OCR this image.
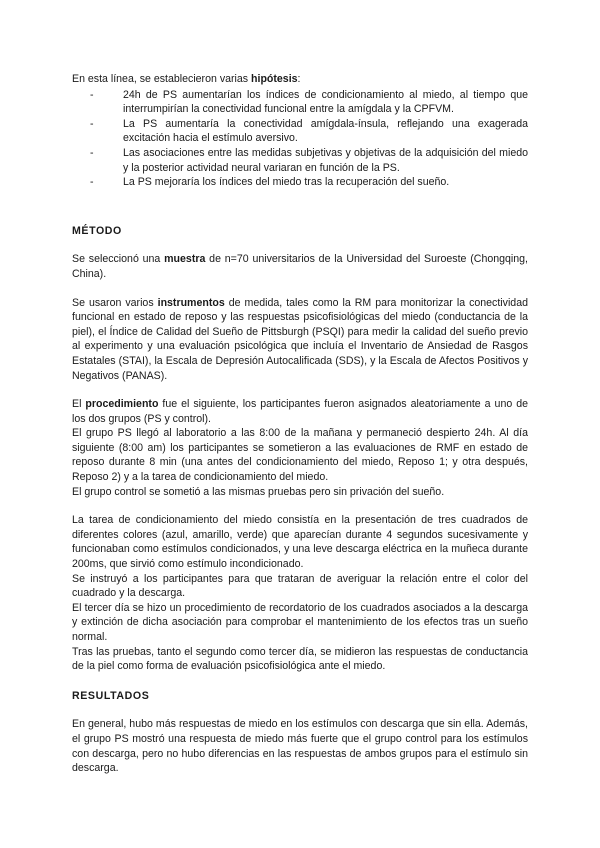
En esta línea, se establecieron varias hipótesis:

-	24h de PS aumentarían los índices de condicionamiento al miedo, al tiempo que interrumpirían la conectividad funcional entre la amígdala y la CPFVM.
-	La PS aumentaría la conectividad amígdala-ínsula, reflejando una exagerada excitación hacia el estímulo aversivo.
-	Las asociaciones entre las medidas subjetivas y objetivas de la adquisición del miedo y la posterior actividad neural variaran en función de la PS.
-	La PS mejoraría los índices del miedo tras la recuperación del sueño.
MÉTODO

Se seleccionó una muestra de n=70 universitarios de la Universidad del Suroeste (Chongqing, China).

Se usaron varios instrumentos de medida, tales como la RM para monitorizar la conectividad funcional en estado de reposo y las respuestas psicofisiológicas del miedo (conductancia de la piel), el Índice de Calidad del Sueño de Pittsburgh (PSQI) para medir la calidad del sueño previo al experimento y una evaluación psicológica que incluía el Inventario de Ansiedad de Rasgos Estatales (STAI), la Escala de Depresión Autocalificada (SDS), y la Escala de Afectos Positivos y Negativos (PANAS).

El procedimiento fue el siguiente, los participantes fueron asignados aleatoriamente a uno de los dos grupos (PS y control).

El grupo PS llegó al laboratorio a las 8:00 de la mañana y permaneció despierto 24h. Al día siguiente (8:00 am) los participantes se sometieron a las evaluaciones de RMF en estado de reposo durante 8 min (una antes del condicionamiento del miedo, Reposo 1; y otra después, Reposo 2) y a la tarea de condicionamiento del miedo.

El grupo control se sometió a las mismas pruebas pero sin privación del sueño.

La tarea de condicionamiento del miedo consistía en la presentación de tres cuadrados de diferentes colores (azul, amarillo, verde) que aparecían durante 4 segundos sucesivamente y funcionaban como estímulos condicionados, y una leve descarga eléctrica en la muñeca durante 200ms, que sirvió como estímulo incondicionado.

Se instruyó a los participantes para que trataran de averiguar la relación entre el color del cuadrado y la descarga.

El tercer día se hizo un procedimiento de recordatorio de los cuadrados asociados a la descarga y extinción de dicha asociación para comprobar el mantenimiento de los efectos tras un sueño normal.

Tras las pruebas, tanto el segundo como tercer día, se midieron las respuestas de conductancia de la piel como forma de evaluación psicofisiológica ante el miedo.

RESULTADOS

En general, hubo más respuestas de miedo en los estímulos con descarga que sin ella. Además, el grupo PS mostró una respuesta de miedo más fuerte que el grupo control para los estímulos con descarga, pero no hubo diferencias en las respuestas de ambos grupos para el estímulo sin descarga.
